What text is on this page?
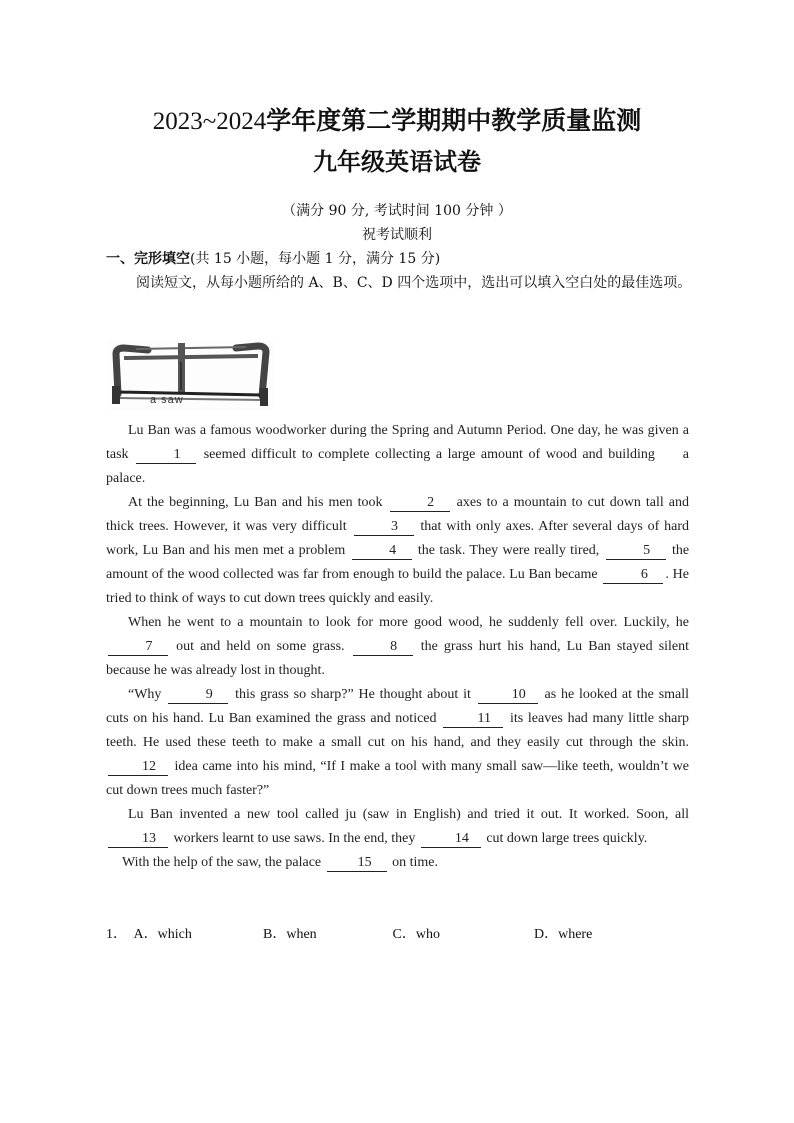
2023~2024学年度第二学期期中教学质量监测
九年级英语试卷
（满分 90 分, 考试时间 100 分钟 ）
祝考试顺利
一、完形填空(共 15 小题，每小题 1 分，满分 15 分)
阅读短文，从每小题所给的 A、B、C、D 四个选项中，选出可以填入空白处的最佳选项。
a saw

Lu Ban was a famous woodworker during the Spring and Autumn Period. One day, he was given a task	1 seemed difficult to complete collecting a large amount of wood and building a palace.

At the beginning, Lu Ban and his men took	2 axes to a mountain to cut down tall and thick trees. However, it was very difficult	3 that with only axes. After several days of hard work, Lu Ban and his men met a problem	4 the task. They were really tired,	5 the amount of the wood collected was far from enough to build the palace. Lu Ban became	6 . He tried to think of ways to cut down trees quickly and easily.

When he went to a mountain to look for more good wood, he suddenly fell over. Luckily, he 7 out and held on some grass.	8 the grass hurt his hand, Lu Ban stayed silent because he was already lost in thought.

“Why	9 this grass so sharp?” He thought about it	10 as he looked at the small cuts on his hand. Lu Ban examined the grass and noticed	11 its leaves had many little sharp teeth. He used these teeth to make a small cut on his hand, and they easily cut through the skin. 12 idea came into his mind, “If I make a tool with many small saw—like teeth, wouldn’t we cut down trees much faster?”

Lu Ban invented a new tool called ju (saw in English) and tried it out. It worked. Soon, all 13 workers learnt to use saws. In the end, they	14 cut down large trees quickly.

With the help of the saw, the palace	15 on time.

1． A．which	B．when	C．who	D．where
